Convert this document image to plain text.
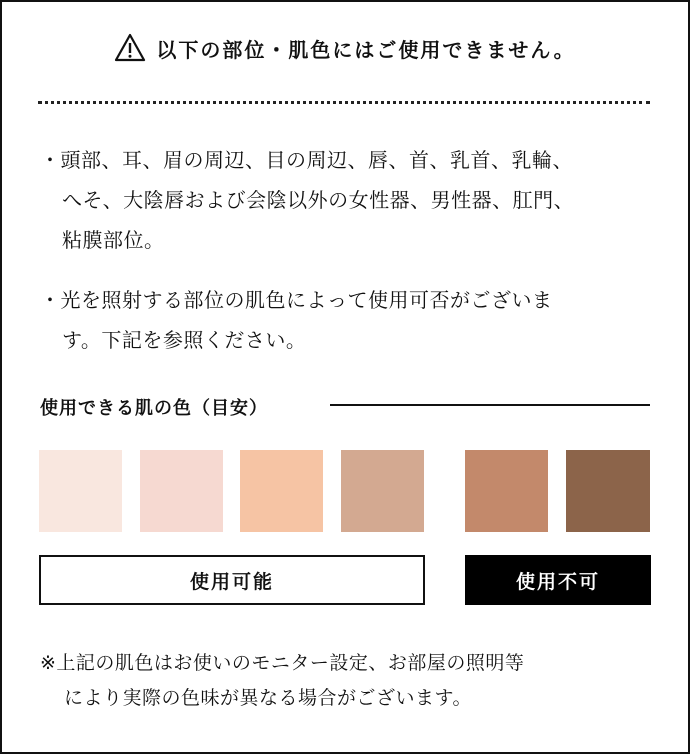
以下の部位・肌色にはご使用できません。
・ 頭部、耳、眉の周辺、目の周辺、唇、首、乳首、乳輪、
へそ、大陰唇および会陰以外の女性器、男性器、肛門、
粘膜部位。
・ 光を照射する部位の肌色によって使用可否がございま
す。下記を参照ください。
使用できる肌の色（目安）
使用可能	使用不可
※上記の肌色はお使いのモニター設定、お部屋の照明等
により実際の色味が異なる場合がございます。
